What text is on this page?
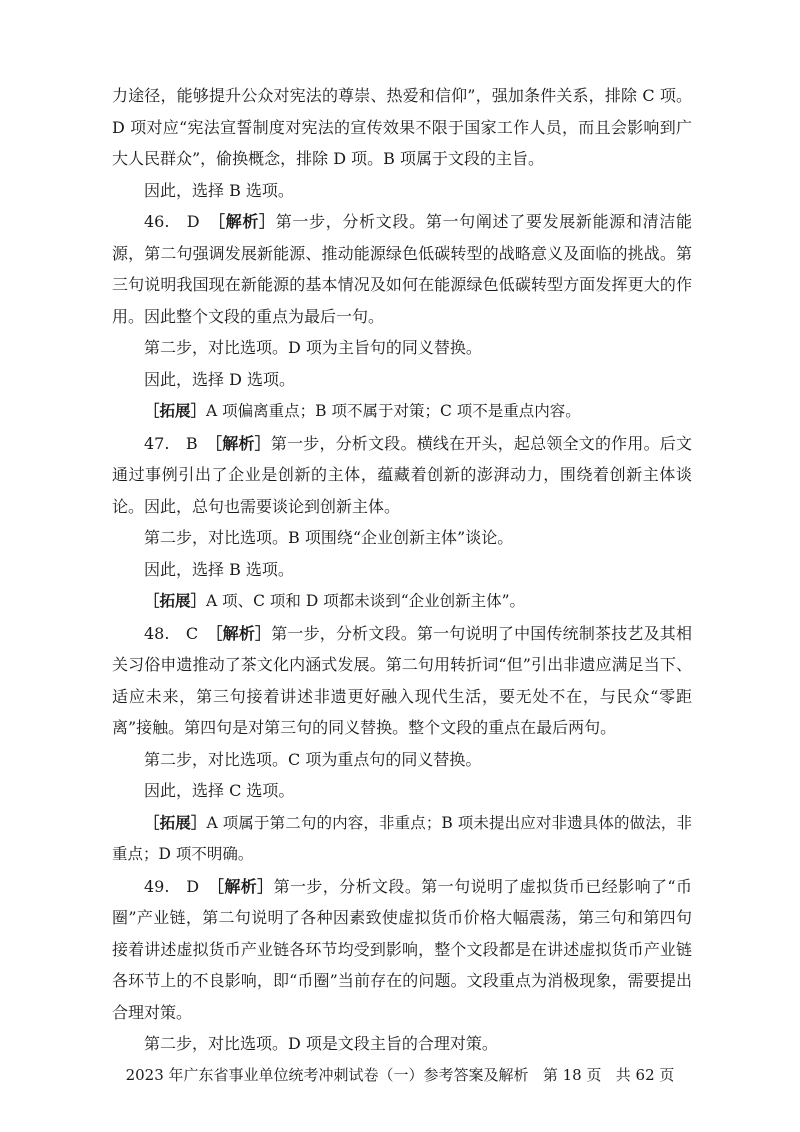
力途径，能够提升公众对宪法的尊崇、热爱和信仰”，强加条件关系，排除 C 项。D 项对应“宪法宣誓制度对宪法的宣传效果不限于国家工作人员，而且会影响到广大人民群众”，偷换概念，排除 D 项。B 项属于文段的主旨。

因此，选择 B 选项。

46.　D　［解析］第一步，分析文段。第一句阐述了要发展新能源和清洁能源，第二句强调发展新能源、推动能源绿色低碳转型的战略意义及面临的挑战。第三句说明我国现在新能源的基本情况及如何在能源绿色低碳转型方面发挥更大的作用。因此整个文段的重点为最后一句。

第二步，对比选项。D 项为主旨句的同义替换。

因此，选择 D 选项。

［拓展］A 项偏离重点；B 项不属于对策；C 项不是重点内容。

47.　B　［解析］第一步，分析文段。横线在开头，起总领全文的作用。后文通过事例引出了企业是创新的主体，蕴藏着创新的澎湃动力，围绕着创新主体谈论。因此，总句也需要谈论到创新主体。

第二步，对比选项。B 项围绕“企业创新主体”谈论。

因此，选择 B 选项。

［拓展］A 项、C 项和 D 项都未谈到“企业创新主体”。

48.　C　［解析］第一步，分析文段。第一句说明了中国传统制茶技艺及其相关习俗申遗推动了茶文化内涵式发展。第二句用转折词“但”引出非遗应满足当下、适应未来，第三句接着讲述非遗更好融入现代生活，要无处不在，与民众“零距离”接触。第四句是对第三句的同义替换。整个文段的重点在最后两句。

第二步，对比选项。C 项为重点句的同义替换。

因此，选择 C 选项。

［拓展］A 项属于第二句的内容，非重点；B 项未提出应对非遗具体的做法，非重点；D 项不明确。

49.　D　［解析］第一步，分析文段。第一句说明了虚拟货币已经影响了“币圈”产业链，第二句说明了各种因素致使虚拟货币价格大幅震荡，第三句和第四句接着讲述虚拟货币产业链各环节均受到影响，整个文段都是在讲述虚拟货币产业链各环节上的不良影响，即“币圈”当前存在的问题。文段重点为消极现象，需要提出合理对策。

第二步，对比选项。D 项是文段主旨的合理对策。

2023 年广东省事业单位统考冲刺试卷（一）参考答案及解析 第 18 页 共 62 页
